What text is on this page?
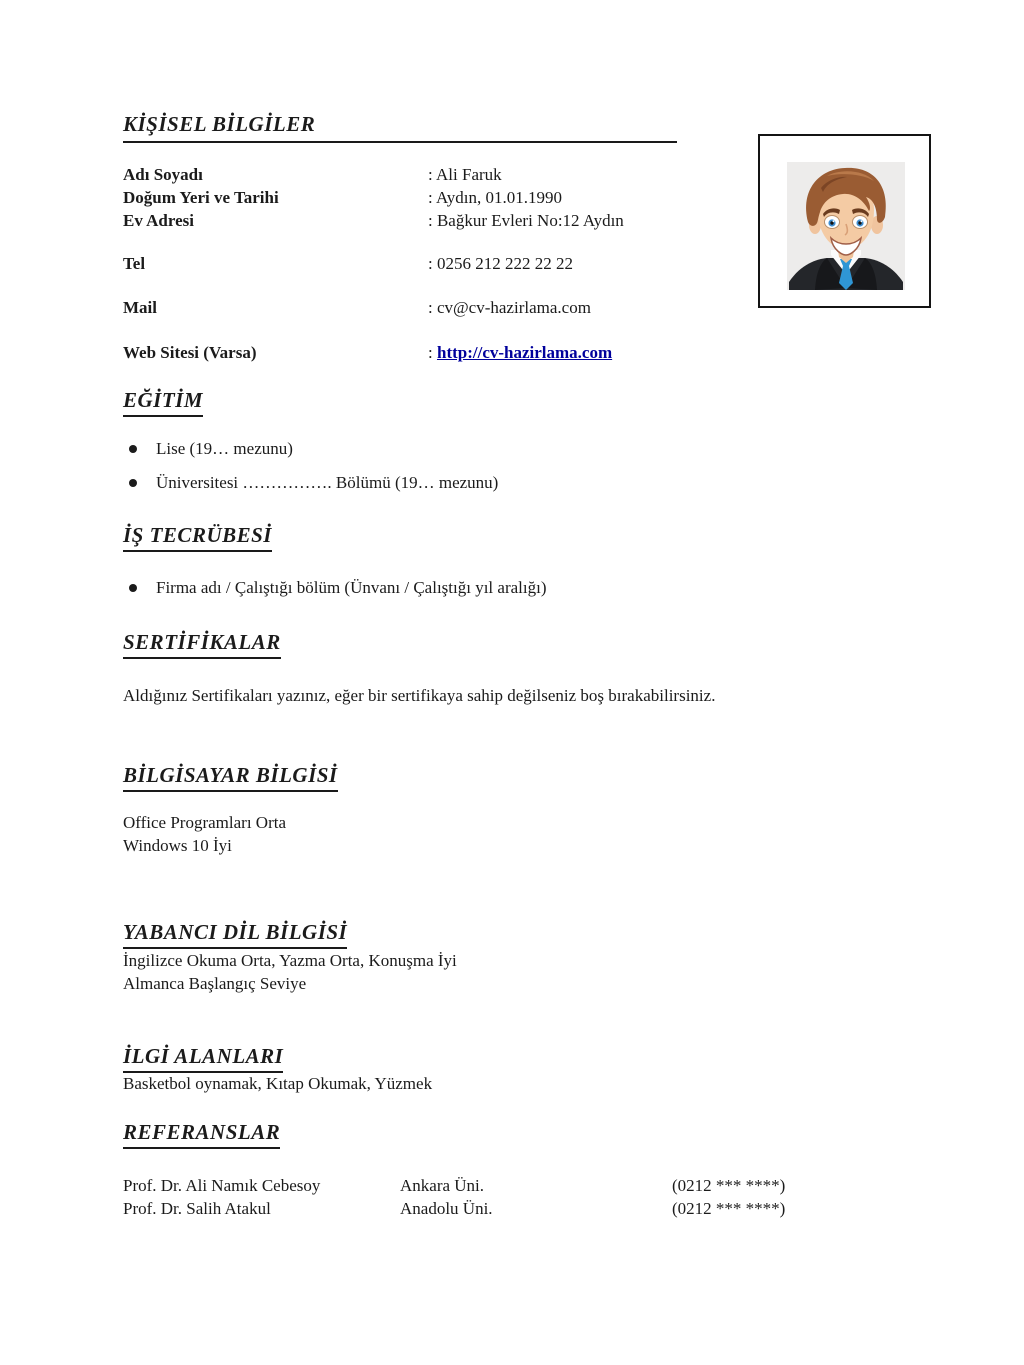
KİŞİSEL BİLGİLER
Adı Soyadı	: Ali Faruk
Doğum Yeri ve Tarihi	: Aydın, 01.01.1990
Ev Adresi	: Bağkur Evleri No:12 Aydın
Tel	: 0256 212 222 22 22
Mail	: cv@cv-hazirlama.com
Web Sitesi (Varsa)	: http://cv-hazirlama.com
EĞİTİM
Lise (19… mezunu)
Üniversitesi ……………. Bölümü (19… mezunu)
İŞ TECRÜBESİ
Firma adı / Çalıştığı bölüm (Ünvanı / Çalıştığı yıl aralığı)
SERTİFİKALAR
Aldığınız Sertifikaları yazınız, eğer bir sertifikaya sahip değilseniz boş bırakabilirsiniz.
BİLGİSAYAR BİLGİSİ
Office Programları Orta
Windows 10 İyi
YABANCI DİL BİLGİSİ
İngilizce Okuma Orta, Yazma Orta, Konuşma İyi
Almanca Başlangıç Seviye
İLGİ ALANLARI
Basketbol oynamak, Kıtap Okumak, Yüzmek
REFERANSLAR
Prof. Dr. Ali Namık Cebesoy	Ankara Üni.	(0212 *** ****)
Prof. Dr. Salih Atakul	Anadolu Üni.	(0212 *** ****)
